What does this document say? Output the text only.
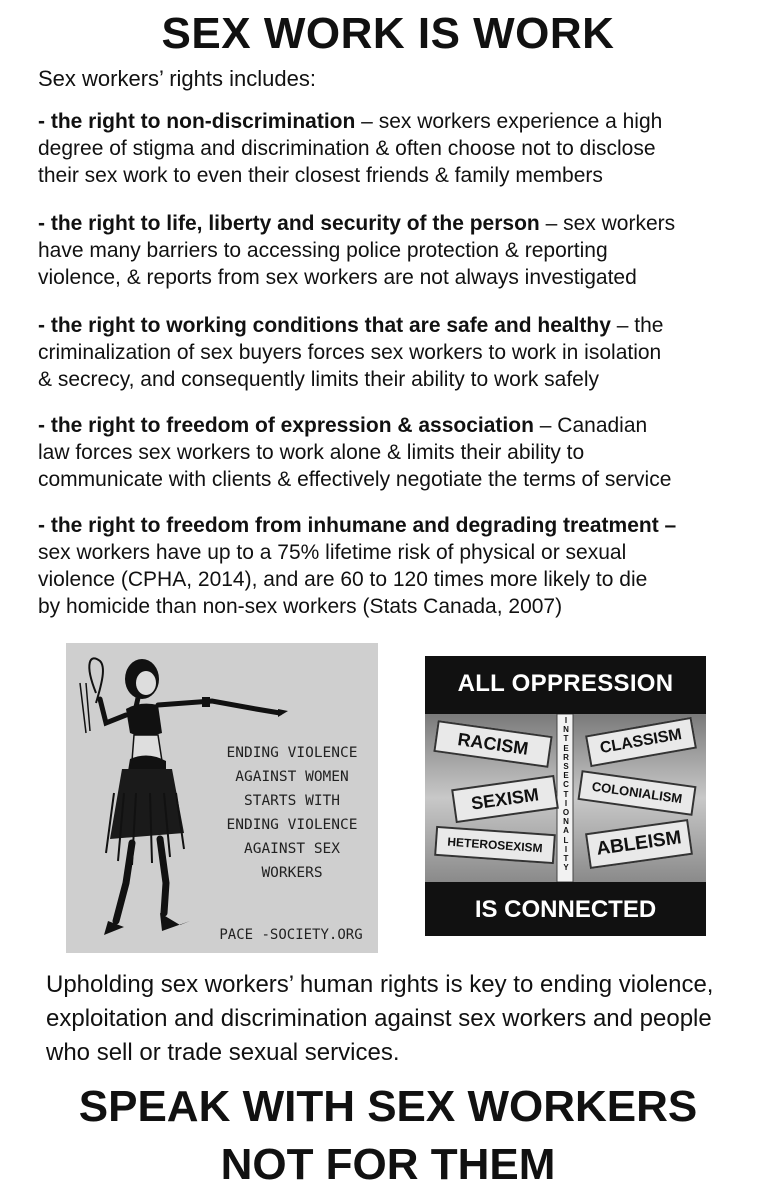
SEX WORK IS WORK
Sex workers’ rights includes:

- the right to non-discrimination – sex workers experience a high
degree of stigma and discrimination & often choose not to disclose
their sex work to even their closest friends & family members

- the right to life, liberty and security of the person – sex workers
have many barriers to accessing police protection & reporting
violence, & reports from sex workers are not always investigated

- the right to working conditions that are safe and healthy – the
criminalization of sex buyers forces sex workers to work in isolation
& secrecy, and consequently limits their ability to work safely

- the right to freedom of expression & association – Canadian
law forces sex workers to work alone & limits their ability to
communicate with clients & effectively negotiate the terms of service

- the right to freedom from inhumane and degrading treatment –
sex workers have up to a 75% lifetime risk of physical or sexual
violence (CPHA, 2014), and are 60 to 120 times more likely to die
by homicide than non-sex workers (Stats Canada, 2007)

ENDING VIOLENCE
AGAINST WOMEN
STARTS WITH
ENDING VIOLENCE
AGAINST SEX
WORKERS
PACE -SOCIETY.ORG
ALL OPPRESSION
I
N
T
E
R
S
E
C
T
I
O
N
A
L
I
T
Y
RACISM	CLASSISM
SEXISM	COLONIALISM
HETEROSEXISM	ABLEISM
IS CONNECTED
Upholding sex workers’ human rights is key to ending violence, exploitation and discrimination against sex workers and people who sell or trade sexual services.
SPEAK WITH SEX WORKERS
NOT FOR THEM
